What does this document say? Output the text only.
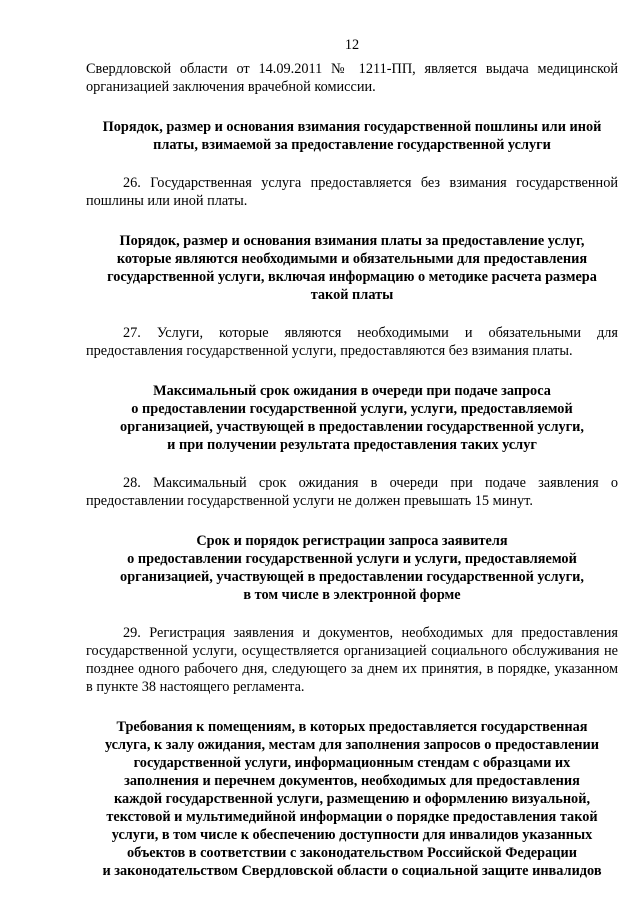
12

Свердловской области от 14.09.2011 № 1211-ПП, является выдача медицинской организацией заключения врачебной комиссии.

Порядок, размер и основания взимания государственной пошлины или иной
платы, взимаемой за предоставление государственной услуги

26. Государственная услуга предоставляется без взимания государственной пошлины или иной платы.

Порядок, размер и основания взимания платы за предоставление услуг,
которые являются необходимыми и обязательными для предоставления
государственной услуги, включая информацию о методике расчета размера
такой платы

27. Услуги, которые являются необходимыми и обязательными для предоставления государственной услуги, предоставляются без взимания платы.

Максимальный срок ожидания в очереди при подаче запроса
о предоставлении государственной услуги, услуги, предоставляемой
организацией, участвующей в предоставлении государственной услуги,
и при получении результата предоставления таких услуг

28. Максимальный срок ожидания в очереди при подаче заявления о предоставлении государственной услуги не должен превышать 15 минут.

Срок и порядок регистрации запроса заявителя
о предоставлении государственной услуги и услуги, предоставляемой
организацией, участвующей в предоставлении государственной услуги,
в том числе в электронной форме

29. Регистрация заявления и документов, необходимых для предоставления государственной услуги, осуществляется организацией социального обслуживания не позднее одного рабочего дня, следующего за днем их принятия, в порядке, указанном в пункте 38 настоящего регламента.

Требования к помещениям, в которых предоставляется государственная
услуга, к залу ожидания, местам для заполнения запросов о предоставлении
государственной услуги, информационным стендам с образцами их
заполнения и перечнем документов, необходимых для предоставления
каждой государственной услуги, размещению и оформлению визуальной,
текстовой и мультимедийной информации о порядке предоставления такой
услуги, в том числе к обеспечению доступности для инвалидов указанных
объектов в соответствии с законодательством Российской Федерации
и законодательством Свердловской области о социальной защите инвалидов
